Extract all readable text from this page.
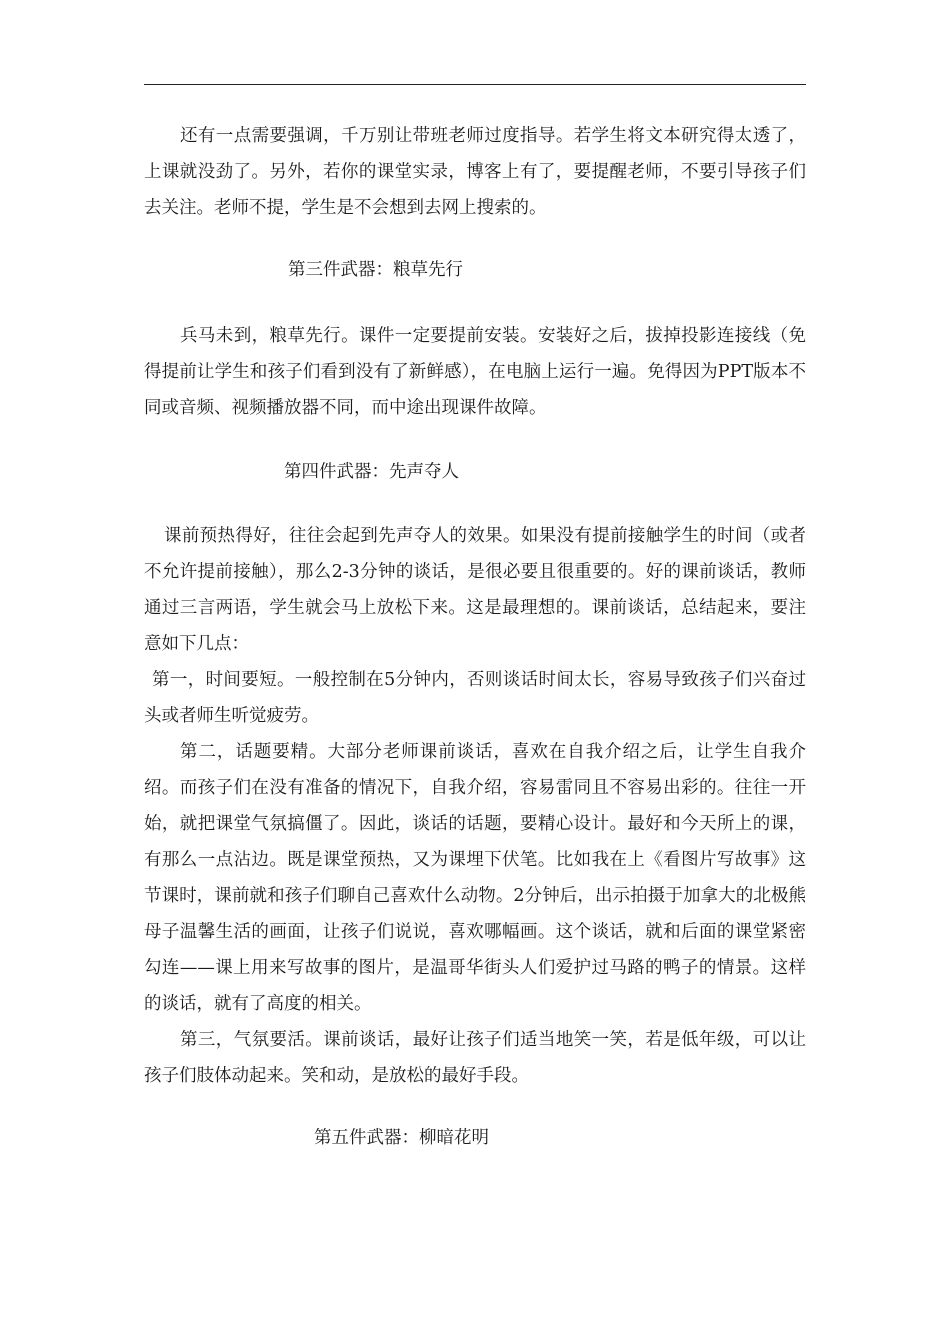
还有一点需要强调，千万别让带班老师过度指导。若学生将文本研究得太透了，上课就没劲了。另外，若你的课堂实录，博客上有了，要提醒老师，不要引导孩子们去关注。老师不提，学生是不会想到去网上搜索的。

第三件武器：粮草先行

兵马未到，粮草先行。课件一定要提前安装。安装好之后，拔掉投影连接线（免得提前让学生和孩子们看到没有了新鲜感），在电脑上运行一遍。免得因为PPT版本不同或音频、视频播放器不同，而中途出现课件故障。

第四件武器：先声夺人

课前预热得好，往往会起到先声夺人的效果。如果没有提前接触学生的时间（或者不允许提前接触），那么2-3分钟的谈话，是很必要且很重要的。好的课前谈话，教师通过三言两语，学生就会马上放松下来。这是最理想的。课前谈话，总结起来，要注意如下几点：

第一，时间要短。一般控制在5分钟内，否则谈话时间太长，容易导致孩子们兴奋过头或者师生听觉疲劳。

第二，话题要精。大部分老师课前谈话，喜欢在自我介绍之后，让学生自我介绍。而孩子们在没有准备的情况下，自我介绍，容易雷同且不容易出彩的。往往一开始，就把课堂气氛搞僵了。因此，谈话的话题，要精心设计。最好和今天所上的课，有那么一点沾边。既是课堂预热，又为课埋下伏笔。比如我在上《看图片写故事》这节课时，课前就和孩子们聊自己喜欢什么动物。2分钟后，出示拍摄于加拿大的北极熊母子温馨生活的画面，让孩子们说说，喜欢哪幅画。这个谈话，就和后面的课堂紧密勾连——课上用来写故事的图片，是温哥华街头人们爱护过马路的鸭子的情景。这样的谈话，就有了高度的相关。

第三，气氛要活。课前谈话，最好让孩子们适当地笑一笑，若是低年级，可以让孩子们肢体动起来。笑和动，是放松的最好手段。

第五件武器：柳暗花明
